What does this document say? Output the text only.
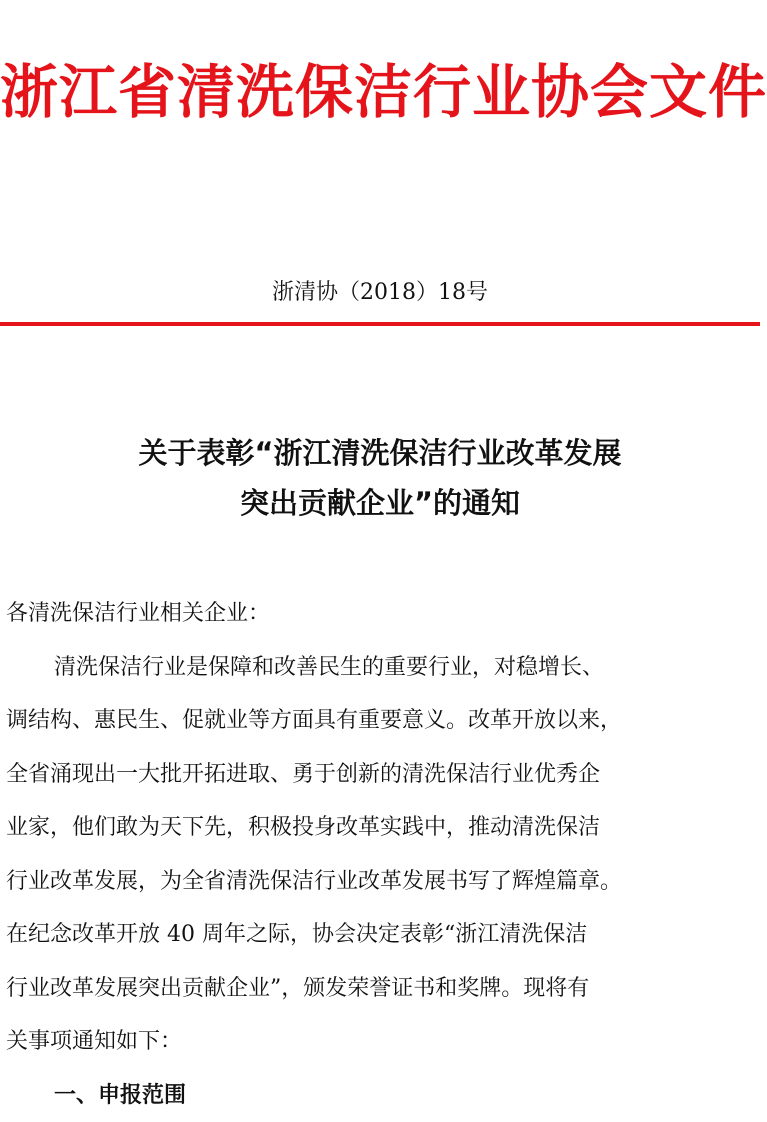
浙江省清洗保洁行业协会文件
浙清协（2018）18号
关于表彰“浙江清洗保洁行业改革发展
突出贡献企业”的通知
各清洗保洁行业相关企业：
清洗保洁行业是保障和改善民生的重要行业，对稳增长、
调结构、惠民生、促就业等方面具有重要意义。改革开放以来，
全省涌现出一大批开拓进取、勇于创新的清洗保洁行业优秀企
业家，他们敢为天下先，积极投身改革实践中，推动清洗保洁
行业改革发展，为全省清洗保洁行业改革发展书写了辉煌篇章。
在纪念改革开放 40 周年之际，协会决定表彰“浙江清洗保洁
行业改革发展突出贡献企业”，颁发荣誉证书和奖牌。现将有
关事项通知如下：
一、申报范围
